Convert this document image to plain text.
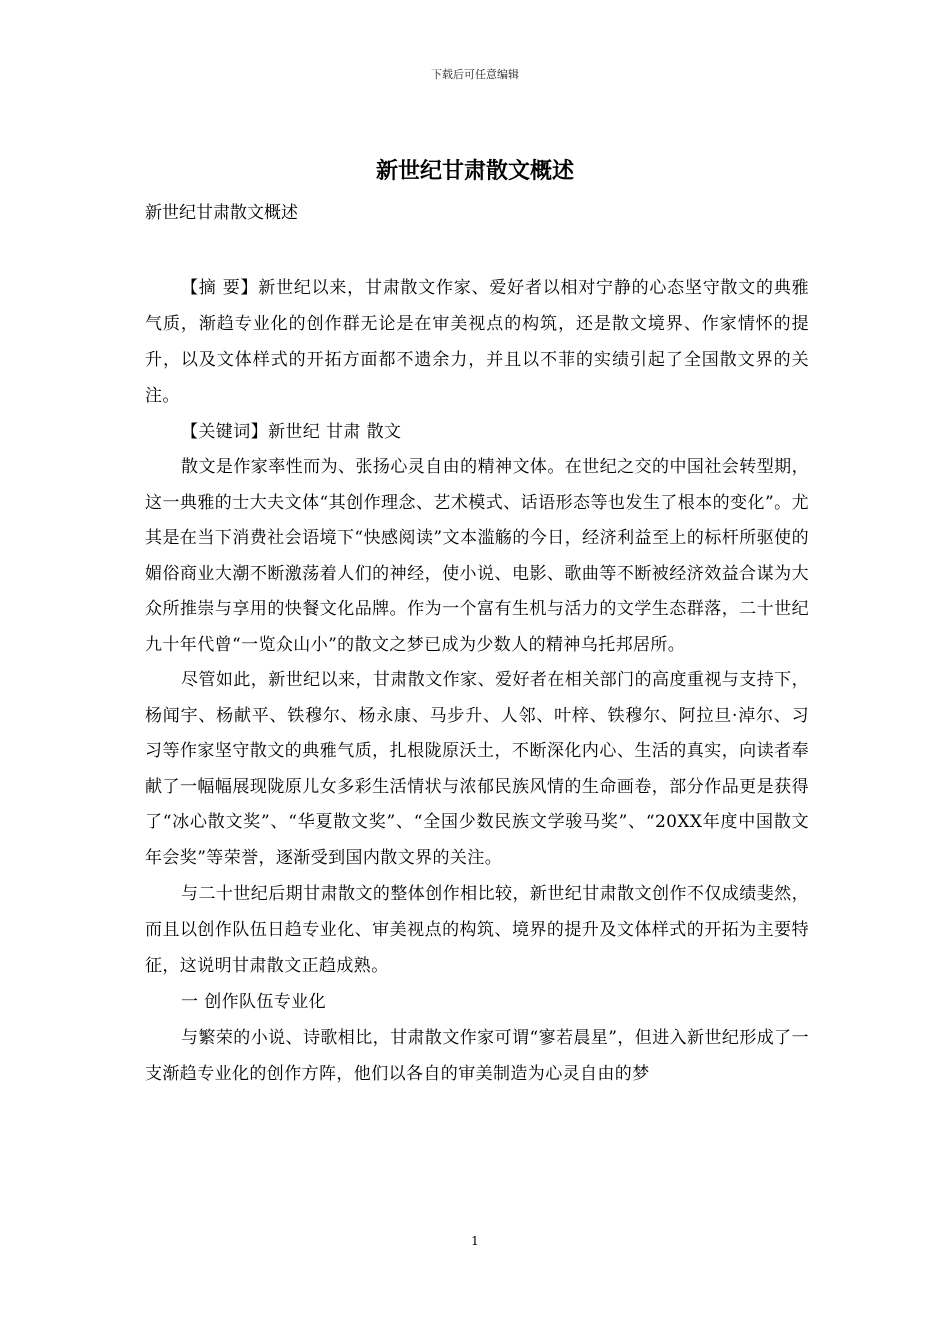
下载后可任意编辑
新世纪甘肃散文概述
新世纪甘肃散文概述

【摘 要】新世纪以来，甘肃散文作家、爱好者以相对宁静的心态坚守散文的典雅气质，渐趋专业化的创作群无论是在审美视点的构筑，还是散文境界、作家情怀的提升，以及文体样式的开拓方面都不遗余力，并且以不菲的实绩引起了全国散文界的关注。

【关键词】新世纪 甘肃 散文

散文是作家率性而为、张扬心灵自由的精神文体。在世纪之交的中国社会转型期，这一典雅的士大夫文体“其创作理念、艺术模式、话语形态等也发生了根本的变化”。尤其是在当下消费社会语境下“快感阅读”文本滥觞的今日，经济利益至上的标杆所驱使的媚俗商业大潮不断激荡着人们的神经，使小说、电影、歌曲等不断被经济效益合谋为大众所推崇与享用的快餐文化品牌。作为一个富有生机与活力的文学生态群落，二十世纪九十年代曾“一览众山小”的散文之梦已成为少数人的精神乌托邦居所。

尽管如此，新世纪以来，甘肃散文作家、爱好者在相关部门的高度重视与支持下，杨闻宇、杨献平、铁穆尔、杨永康、马步升、人邻、叶梓、铁穆尔、阿拉旦·淖尔、习习等作家坚守散文的典雅气质，扎根陇原沃土，不断深化内心、生活的真实，向读者奉献了一幅幅展现陇原儿女多彩生活情状与浓郁民族风情的生命画卷，部分作品更是获得了“冰心散文奖”、“华夏散文奖”、“全国少数民族文学骏马奖”、“20XX年度中国散文年会奖”等荣誉，逐渐受到国内散文界的关注。

与二十世纪后期甘肃散文的整体创作相比较，新世纪甘肃散文创作不仅成绩斐然，而且以创作队伍日趋专业化、审美视点的构筑、境界的提升及文体样式的开拓为主要特征，这说明甘肃散文正趋成熟。

一 创作队伍专业化

与繁荣的小说、诗歌相比，甘肃散文作家可谓“寥若晨星”，但进入新世纪形成了一支渐趋专业化的创作方阵，他们以各自的审美制造为心灵自由的梦

1
